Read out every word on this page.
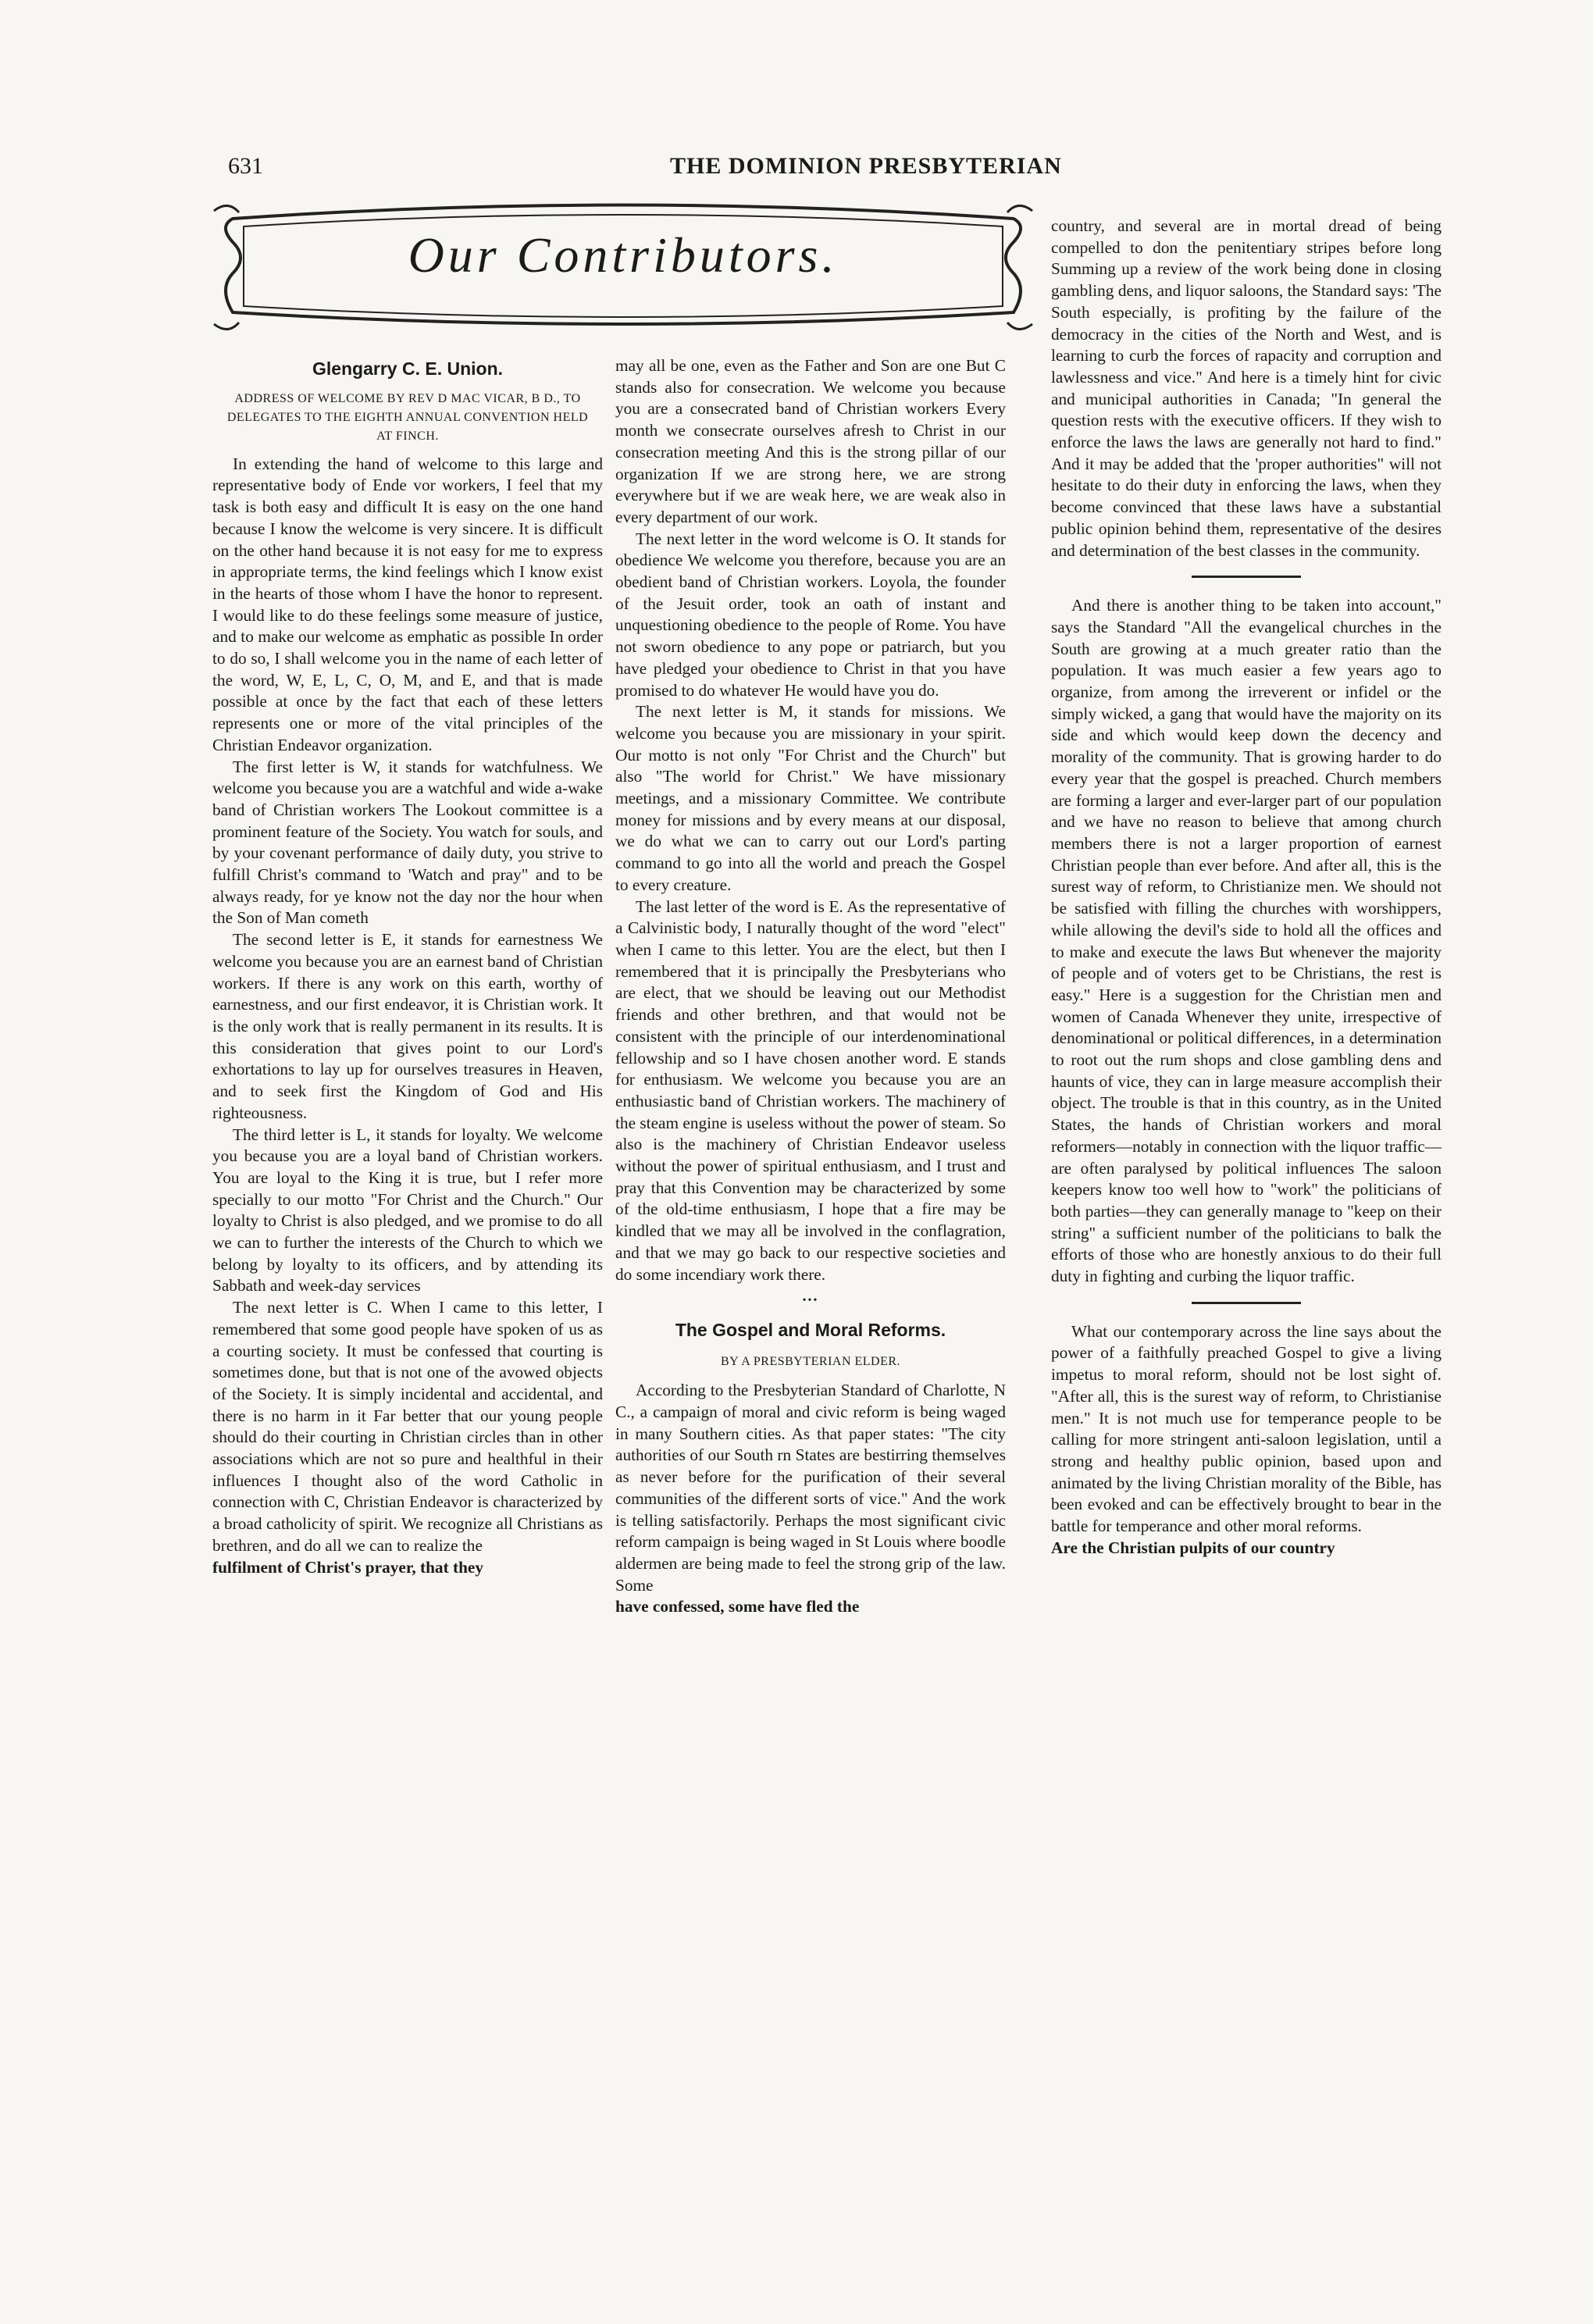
631	THE DOMINION PRESBYTERIAN
Our Contributors.
Glengarry C. E. Union.
ADDRESS OF WELCOME BY REV D MAC VICAR, B D., TO DELEGATES TO THE EIGHTH ANNUAL CONVENTION HELD AT FINCH.

In extending the hand of welcome to this large and representative body of Ende vor workers, I feel that my task is both easy and difficult It is easy on the one hand because I know the welcome is very sincere. It is difficult on the other hand because it is not easy for me to express in appropriate terms, the kind feelings which I know exist in the hearts of those whom I have the honor to represent. I would like to do these feelings some measure of justice, and to make our welcome as emphatic as possible In order to do so, I shall welcome you in the name of each letter of the word, W, E, L, C, O, M, and E, and that is made possible at once by the fact that each of these letters represents one or more of the vital principles of the Christian Endeavor organization.

The first letter is W, it stands for watchfulness. We welcome you because you are a watchful and wide a-wake band of Christian workers The Lookout committee is a prominent feature of the Society. You watch for souls, and by your covenant performance of daily duty, you strive to fulfill Christ's command to 'Watch and pray" and to be always ready, for ye know not the day nor the hour when the Son of Man cometh

The second letter is E, it stands for earnestness We welcome you because you are an earnest band of Christian workers. If there is any work on this earth, worthy of earnestness, and our first endeavor, it is Christian work. It is the only work that is really permanent in its results. It is this consideration that gives point to our Lord's exhortations to lay up for ourselves treasures in Heaven, and to seek first the Kingdom of God and His righteousness.

The third letter is L, it stands for loyalty. We welcome you because you are a loyal band of Christian workers. You are loyal to the King it is true, but I refer more specially to our motto "For Christ and the Church." Our loyalty to Christ is also pledged, and we promise to do all we can to further the interests of the Church to which we belong by loyalty to its officers, and by attending its Sabbath and week-day services

The next letter is C. When I came to this letter, I remembered that some good people have spoken of us as a courting society. It must be confessed that courting is sometimes done, but that is not one of the avowed objects of the Society. It is simply incidental and accidental, and there is no harm in it Far better that our young people should do their courting in Christian circles than in other associations which are not so pure and healthful in their influences I thought also of the word Catholic in connection with C, Christian Endeavor is characterized by a broad catholicity of spirit. We recognize all Christians as brethren, and do all we can to realize the

fulfilment of Christ's prayer, that they

may all be one, even as the Father and Son are one But C stands also for consecration. We welcome you because you are a consecrated band of Christian workers Every month we consecrate ourselves afresh to Christ in our consecration meeting And this is the strong pillar of our organization If we are strong here, we are strong everywhere but if we are weak here, we are weak also in every department of our work.

The next letter in the word welcome is O. It stands for obedience We welcome you therefore, because you are an obedient band of Christian workers. Loyola, the founder of the Jesuit order, took an oath of instant and unquestioning obedience to the people of Rome. You have not sworn obedience to any pope or patriarch, but you have pledged your obedience to Christ in that you have promised to do whatever He would have you do.

The next letter is M, it stands for missions. We welcome you because you are missionary in your spirit. Our motto is not only "For Christ and the Church" but also "The world for Christ." We have missionary meetings, and a missionary Committee. We contribute money for missions and by every means at our disposal, we do what we can to carry out our Lord's parting command to go into all the world and preach the Gospel to every creature.

The last letter of the word is E. As the representative of a Calvinistic body, I naturally thought of the word "elect" when I came to this letter. You are the elect, but then I remembered that it is principally the Presbyterians who are elect, that we should be leaving out our Methodist friends and other brethren, and that would not be consistent with the principle of our interdenominational fellowship and so I have chosen another word. E stands for enthusiasm. We welcome you because you are an enthusiastic band of Christian workers. The machinery of the steam engine is useless without the power of steam. So also is the machinery of Christian Endeavor useless without the power of spiritual enthusiasm, and I trust and pray that this Convention may be characterized by some of the old-time enthusiasm, I hope that a fire may be kindled that we may all be involved in the conflagration, and that we may go back to our respective societies and do some incendiary work there.

•••
The Gospel and Moral Reforms.
BY A PRESBYTERIAN ELDER.

According to the Presbyterian Standard of Charlotte, N C., a campaign of moral and civic reform is being waged in many Southern cities. As that paper states: "The city authorities of our South rn States are bestirring themselves as never before for the purification of their several communities of the different sorts of vice." And the work is telling satisfactorily. Perhaps the most significant civic reform campaign is being waged in St Louis where boodle aldermen are being made to feel the strong grip of the law. Some

have confessed, some have fled the

country, and several are in mortal dread of being compelled to don the penitentiary stripes before long Summing up a review of the work being done in closing gambling dens, and liquor saloons, the Standard says: 'The South especially, is profiting by the failure of the democracy in the cities of the North and West, and is learning to curb the forces of rapacity and corruption and lawlessness and vice." And here is a timely hint for civic and municipal authorities in Canada; "In general the question rests with the executive officers. If they wish to enforce the laws the laws are generally not hard to find." And it may be added that the 'proper authorities" will not hesitate to do their duty in enforcing the laws, when they become convinced that these laws have a substantial public opinion behind them, representative of the desires and determination of the best classes in the community.

And there is another thing to be taken into account," says the Standard "All the evangelical churches in the South are growing at a much greater ratio than the population. It was much easier a few years ago to organize, from among the irreverent or infidel or the simply wicked, a gang that would have the majority on its side and which would keep down the decency and morality of the community. That is growing harder to do every year that the gospel is preached. Church members are forming a larger and ever-larger part of our population and we have no reason to believe that among church members there is not a larger proportion of earnest Christian people than ever before. And after all, this is the surest way of reform, to Christianize men. We should not be satisfied with filling the churches with worshippers, while allowing the devil's side to hold all the offices and to make and execute the laws But whenever the majority of people and of voters get to be Christians, the rest is easy." Here is a suggestion for the Christian men and women of Canada Whenever they unite, irrespective of denominational or political differences, in a determination to root out the rum shops and close gambling dens and haunts of vice, they can in large measure accomplish their object. The trouble is that in this country, as in the United States, the hands of Christian workers and moral reformers—notably in connection with the liquor traffic—are often paralysed by political influences The saloon keepers know too well how to "work" the politicians of both parties—they can generally manage to "keep on their string" a sufficient number of the politicians to balk the efforts of those who are honestly anxious to do their full duty in fighting and curbing the liquor traffic.

What our contemporary across the line says about the power of a faithfully preached Gospel to give a living impetus to moral reform, should not be lost sight of. "After all, this is the surest way of reform, to Christianise men." It is not much use for temperance people to be calling for more stringent anti-saloon legislation, until a strong and healthy public opinion, based upon and animated by the living Christian morality of the Bible, has been evoked and can be effectively brought to bear in the battle for temperance and other moral reforms.

Are the Christian pulpits of our country
